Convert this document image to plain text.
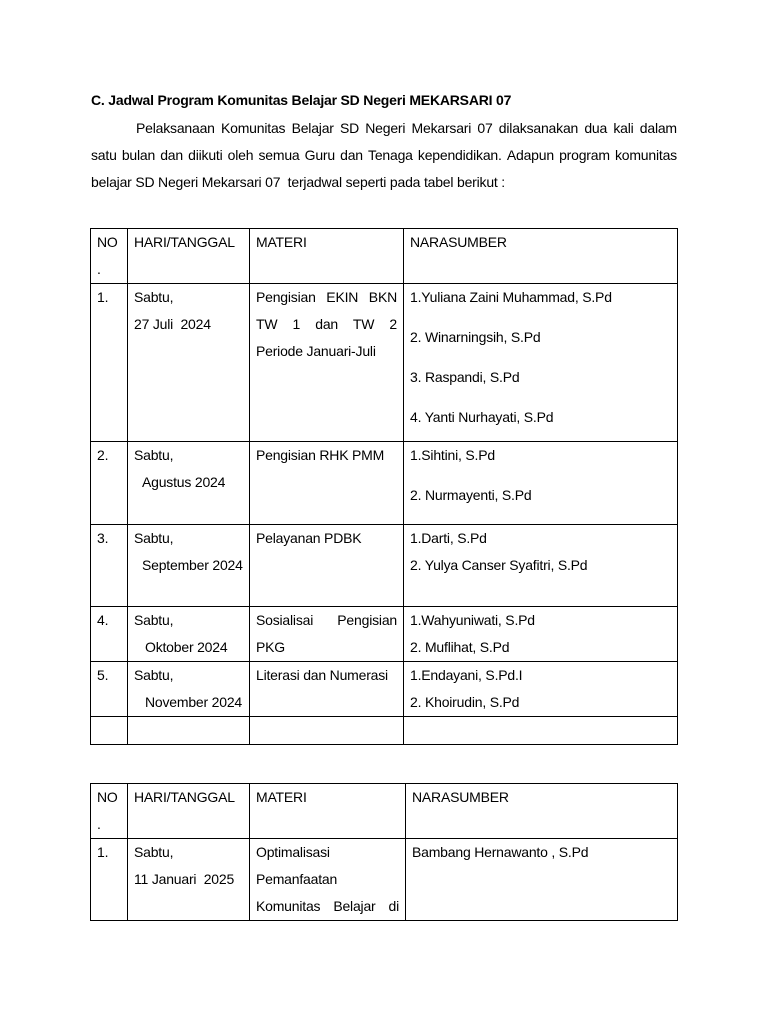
C. Jadwal Program Komunitas Belajar SD Negeri MEKARSARI 07
Pelaksanaan Komunitas Belajar SD Negeri Mekarsari 07 dilaksanakan dua kali dalam
satu bulan dan diikuti oleh semua Guru dan Tenaga kependidikan. Adapun program komunitas
belajar SD Negeri Mekarsari 07  terjadwal seperti pada tabel berikut :
NO
.	HARI/TANGGAL	MATERI	NARASUMBER
1.	Sabtu,
27 Juli  2024	Pengisian EKIN BKN
TW 1 dan TW 2
Periode Januari-Juli	1.Yuliana Zaini Muhammad, S.Pd
2. Winarningsih, S.Pd
3. Raspandi, S.Pd
4. Yanti Nurhayati, S.Pd

2.	Sabtu,
Agustus 2024	Pengisian RHK PMM	1.Sihtini, S.Pd
2. Nurmayenti, S.Pd

3.	Sabtu,
September 2024	Pelayanan PDBK	1.Darti, S.Pd
2. Yulya Canser Syafitri, S.Pd

4.	Sabtu,
Oktober 2024	Sosialisai Pengisian
PKG	1.Wahyuniwati, S.Pd
2. Muflihat, S.Pd

5.	Sabtu,
November 2024	Literasi dan Numerasi	1.Endayani, S.Pd.I
2. Khoirudin, S.Pd

NO
.	HARI/TANGGAL	MATERI	NARASUMBER
1.	Sabtu,
11 Januari  2025	Optimalisasi
Pemanfaatan
Komunitas Belajar di	Bambang Hernawanto , S.Pd
